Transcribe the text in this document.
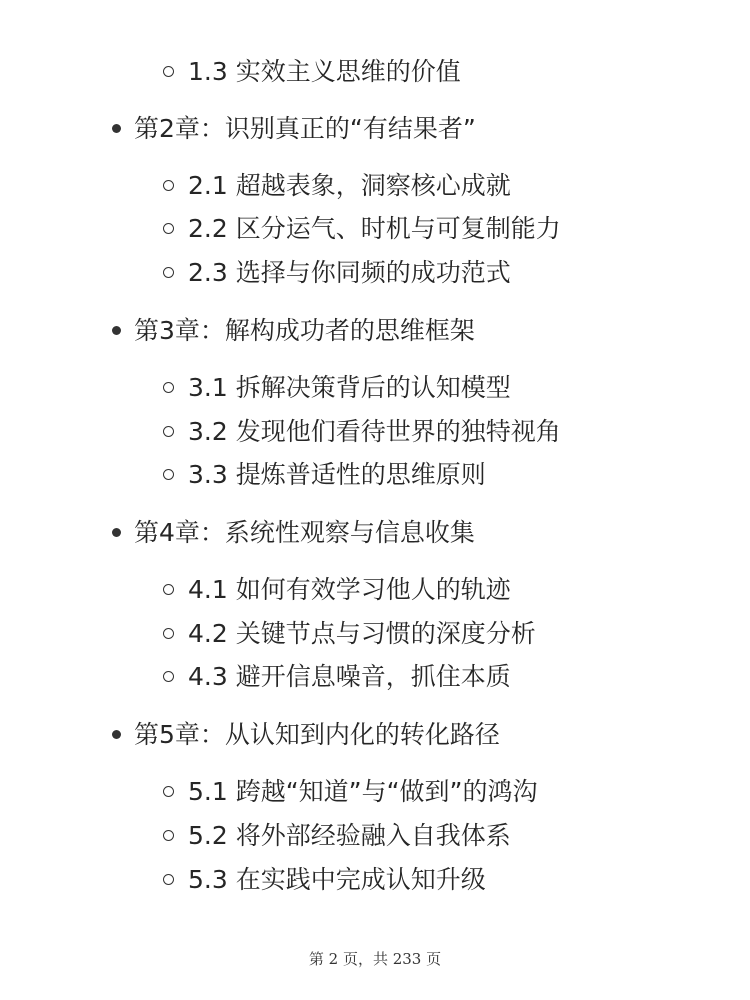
1.3 实效主义思维的价值
第2章：识别真正的“有结果者”
2.1 超越表象，洞察核心成就
2.2 区分运气、时机与可复制能力
2.3 选择与你同频的成功范式
第3章：解构成功者的思维框架
3.1 拆解决策背后的认知模型
3.2 发现他们看待世界的独特视角
3.3 提炼普适性的思维原则
第4章：系统性观察与信息收集
4.1 如何有效学习他人的轨迹
4.2 关键节点与习惯的深度分析
4.3 避开信息噪音，抓住本质
第5章：从认知到内化的转化路径
5.1 跨越“知道”与“做到”的鸿沟
5.2 将外部经验融入自我体系
5.3 在实践中完成认知升级
第 2 页，共 233 页
